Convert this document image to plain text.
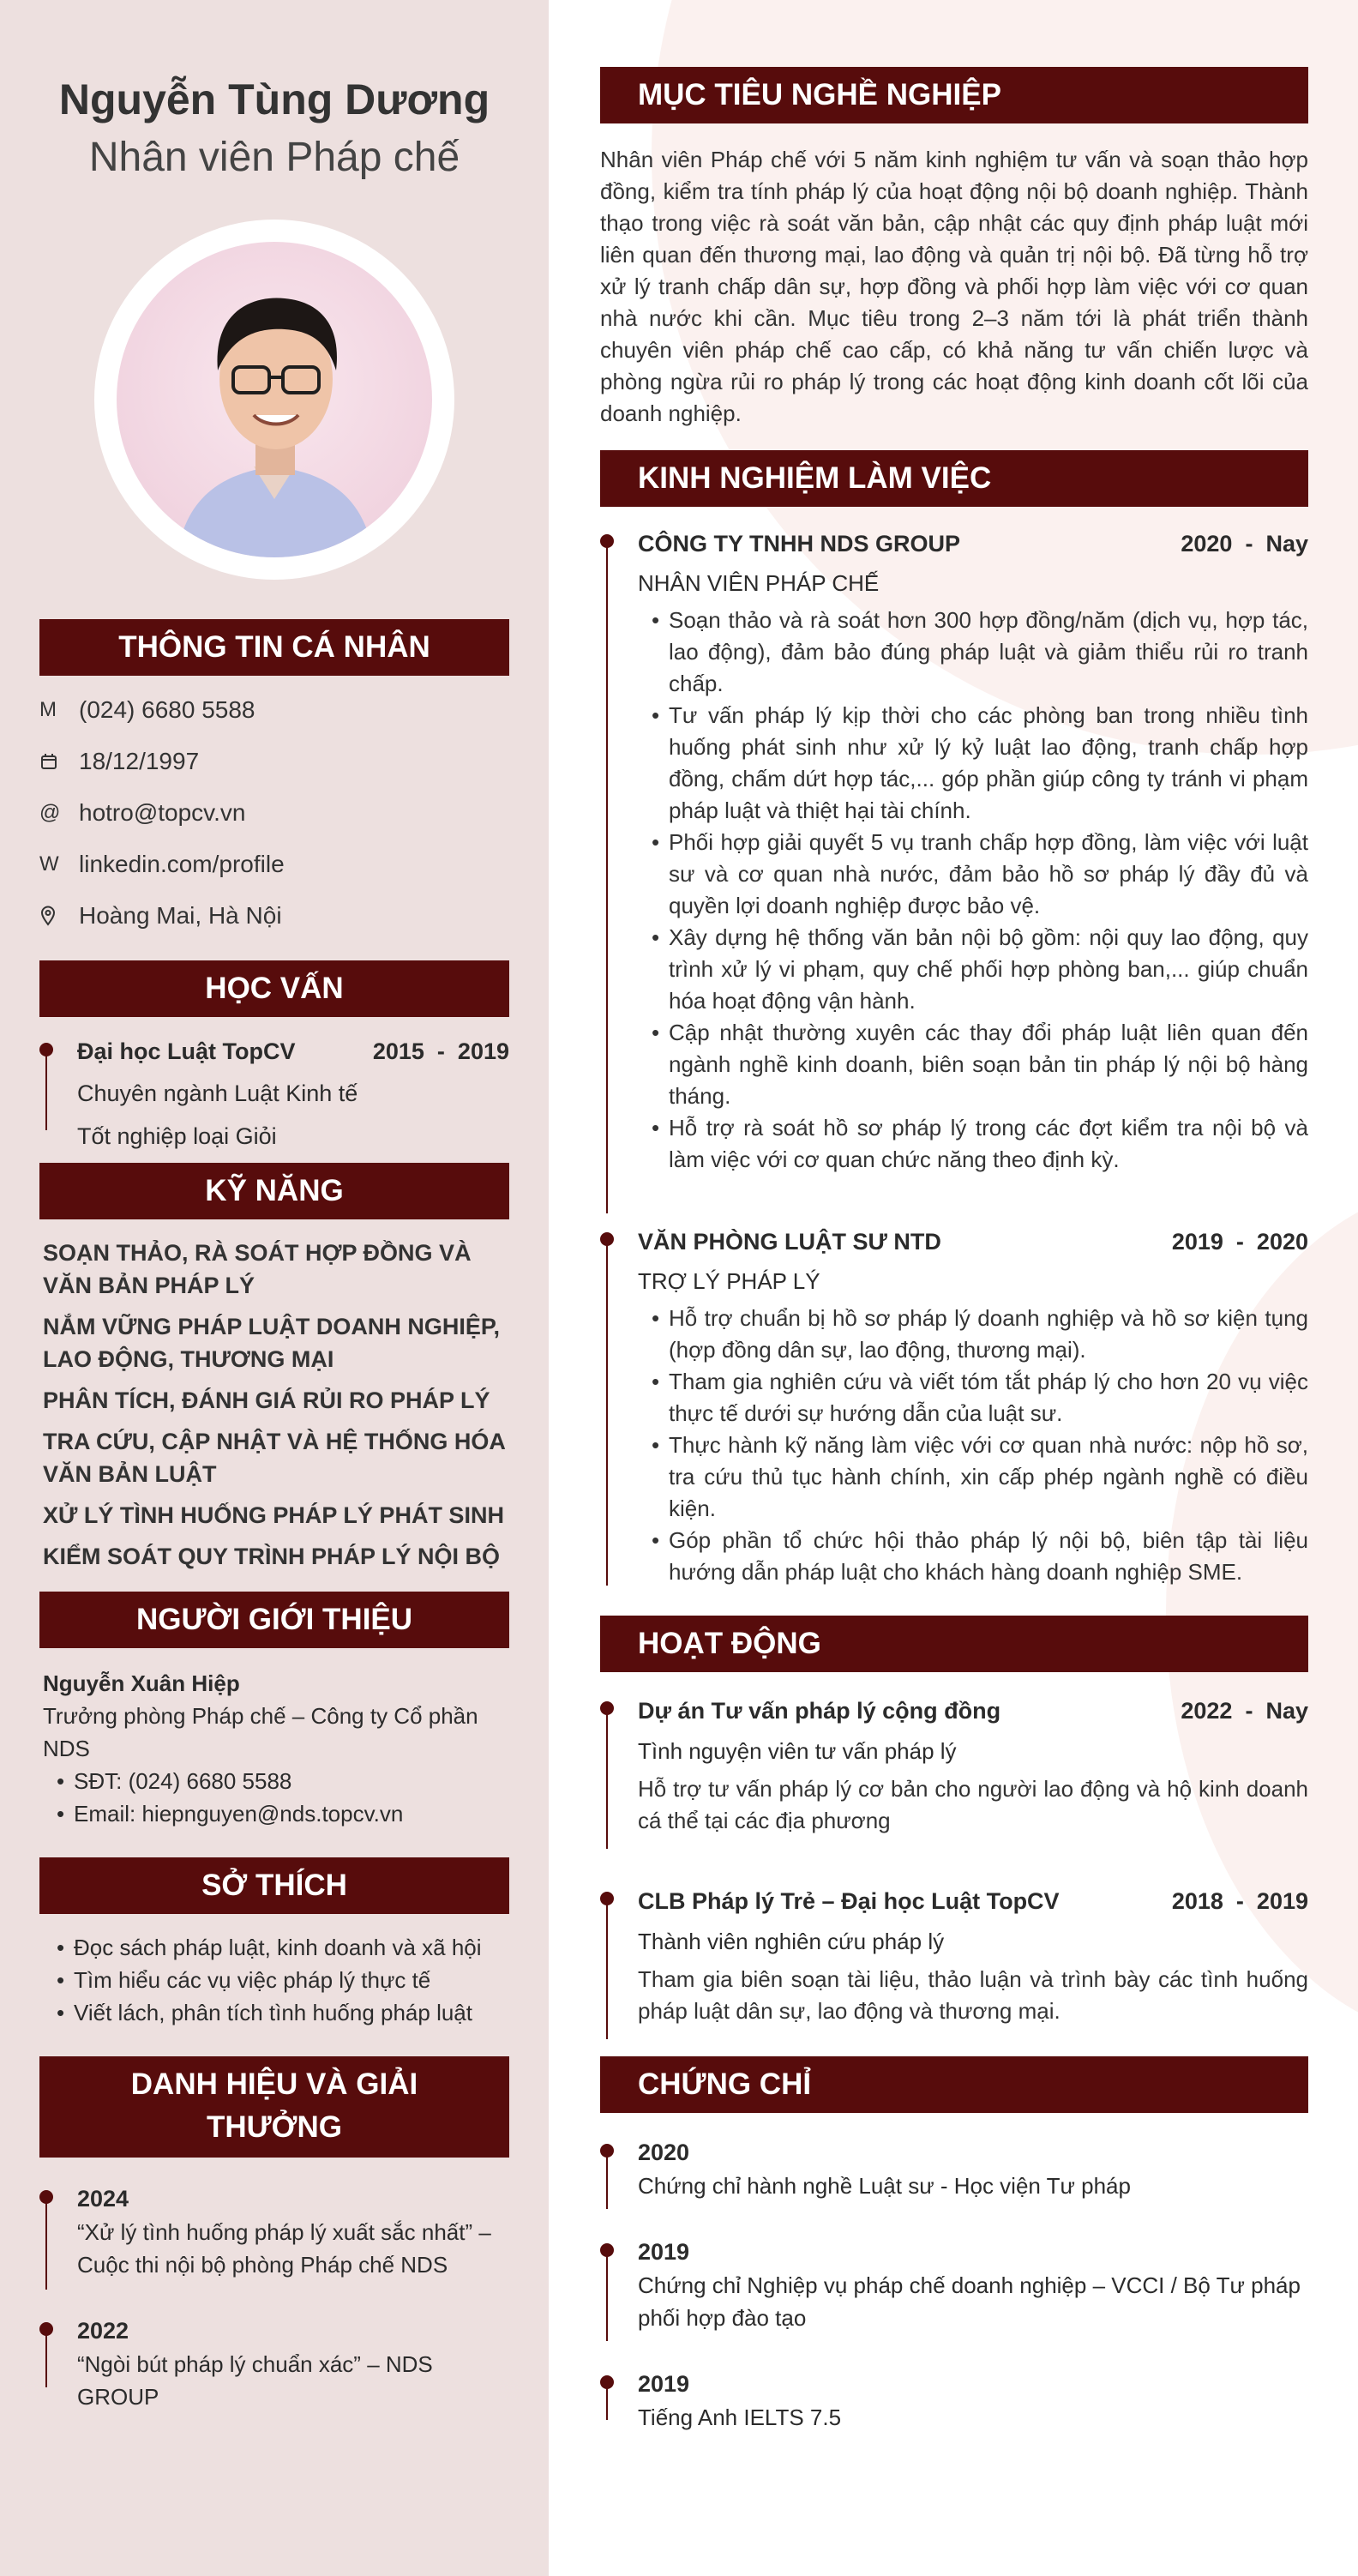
Nguyễn Tùng Dương
Nhân viên Pháp chế
THÔNG TIN CÁ NHÂN
M (024) 6680 5588
18/12/1997
@ hotro@topcv.vn
W linkedin.com/profile
Hoàng Mai, Hà Nội
HỌC VẤN
Đại học Luật TopCV	2015 - 2019
Chuyên ngành Luật Kinh tế
Tốt nghiệp loại Giỏi
KỸ NĂNG
SOẠN THẢO, RÀ SOÁT HỢP ĐỒNG VÀ VĂN BẢN PHÁP LÝ
NẮM VỮNG PHÁP LUẬT DOANH NGHIỆP, LAO ĐỘNG, THƯƠNG MẠI
PHÂN TÍCH, ĐÁNH GIÁ RỦI RO PHÁP LÝ
TRA CỨU, CẬP NHẬT VÀ HỆ THỐNG HÓA VĂN BẢN LUẬT
XỬ LÝ TÌNH HUỐNG PHÁP LÝ PHÁT SINH
KIỂM SOÁT QUY TRÌNH PHÁP LÝ NỘI BỘ
NGƯỜI GIỚI THIỆU
Nguyễn Xuân Hiệp
Trưởng phòng Pháp chế – Công ty Cổ phần NDS
• SĐT: (024) 6680 5588
• Email: hiepnguyen@nds.topcv.vn
SỞ THÍCH
• Đọc sách pháp luật, kinh doanh và xã hội
• Tìm hiểu các vụ việc pháp lý thực tế
• Viết lách, phân tích tình huống pháp luật
DANH HIỆU VÀ GIẢI THƯỞNG
2024
“Xử lý tình huống pháp lý xuất sắc nhất” – Cuộc thi nội bộ phòng Pháp chế NDS
2022
“Ngòi bút pháp lý chuẩn xác” – NDS GROUP
MỤC TIÊU NGHỀ NGHIỆP
Nhân viên Pháp chế với 5 năm kinh nghiệm tư vấn và soạn thảo hợp đồng, kiểm tra tính pháp lý của hoạt động nội bộ doanh nghiệp. Thành thạo trong việc rà soát văn bản, cập nhật các quy định pháp luật mới liên quan đến thương mại, lao động và quản trị nội bộ. Đã từng hỗ trợ xử lý tranh chấp dân sự, hợp đồng và phối hợp làm việc với cơ quan nhà nước khi cần. Mục tiêu trong 2–3 năm tới là phát triển thành chuyên viên pháp chế cao cấp, có khả năng tư vấn chiến lược và phòng ngừa rủi ro pháp lý trong các hoạt động kinh doanh cốt lõi của doanh nghiệp.
KINH NGHIỆM LÀM VIỆC
CÔNG TY TNHH NDS GROUP	2020 - Nay
NHÂN VIÊN PHÁP CHẾ
• Soạn thảo và rà soát hơn 300 hợp đồng/năm (dịch vụ, hợp tác, lao động), đảm bảo đúng pháp luật và giảm thiểu rủi ro tranh chấp.
• Tư vấn pháp lý kịp thời cho các phòng ban trong nhiều tình huống phát sinh như xử lý kỷ luật lao động, tranh chấp hợp đồng, chấm dứt hợp tác,... góp phần giúp công ty tránh vi phạm pháp luật và thiệt hại tài chính.
• Phối hợp giải quyết 5 vụ tranh chấp hợp đồng, làm việc với luật sư và cơ quan nhà nước, đảm bảo hồ sơ pháp lý đầy đủ và quyền lợi doanh nghiệp được bảo vệ.
• Xây dựng hệ thống văn bản nội bộ gồm: nội quy lao động, quy trình xử lý vi phạm, quy chế phối hợp phòng ban,... giúp chuẩn hóa hoạt động vận hành.
• Cập nhật thường xuyên các thay đổi pháp luật liên quan đến ngành nghề kinh doanh, biên soạn bản tin pháp lý nội bộ hàng tháng.
• Hỗ trợ rà soát hồ sơ pháp lý trong các đợt kiểm tra nội bộ và làm việc với cơ quan chức năng theo định kỳ.
VĂN PHÒNG LUẬT SƯ NTD	2019 - 2020
TRỢ LÝ PHÁP LÝ
• Hỗ trợ chuẩn bị hồ sơ pháp lý doanh nghiệp và hồ sơ kiện tụng (hợp đồng dân sự, lao động, thương mại).
• Tham gia nghiên cứu và viết tóm tắt pháp lý cho hơn 20 vụ việc thực tế dưới sự hướng dẫn của luật sư.
• Thực hành kỹ năng làm việc với cơ quan nhà nước: nộp hồ sơ, tra cứu thủ tục hành chính, xin cấp phép ngành nghề có điều kiện.
• Góp phần tổ chức hội thảo pháp lý nội bộ, biên tập tài liệu hướng dẫn pháp luật cho khách hàng doanh nghiệp SME.
HOẠT ĐỘNG
Dự án Tư vấn pháp lý cộng đồng	2022 - Nay
Tình nguyện viên tư vấn pháp lý
Hỗ trợ tư vấn pháp lý cơ bản cho người lao động và hộ kinh doanh cá thể tại các địa phương
CLB Pháp lý Trẻ – Đại học Luật TopCV	2018 - 2019
Thành viên nghiên cứu pháp lý
Tham gia biên soạn tài liệu, thảo luận và trình bày các tình huống pháp luật dân sự, lao động và thương mại.
CHỨNG CHỈ
2020
Chứng chỉ hành nghề Luật sư - Học viện Tư pháp
2019
Chứng chỉ Nghiệp vụ pháp chế doanh nghiệp – VCCI / Bộ Tư pháp phối hợp đào tạo
2019
Tiếng Anh IELTS 7.5
